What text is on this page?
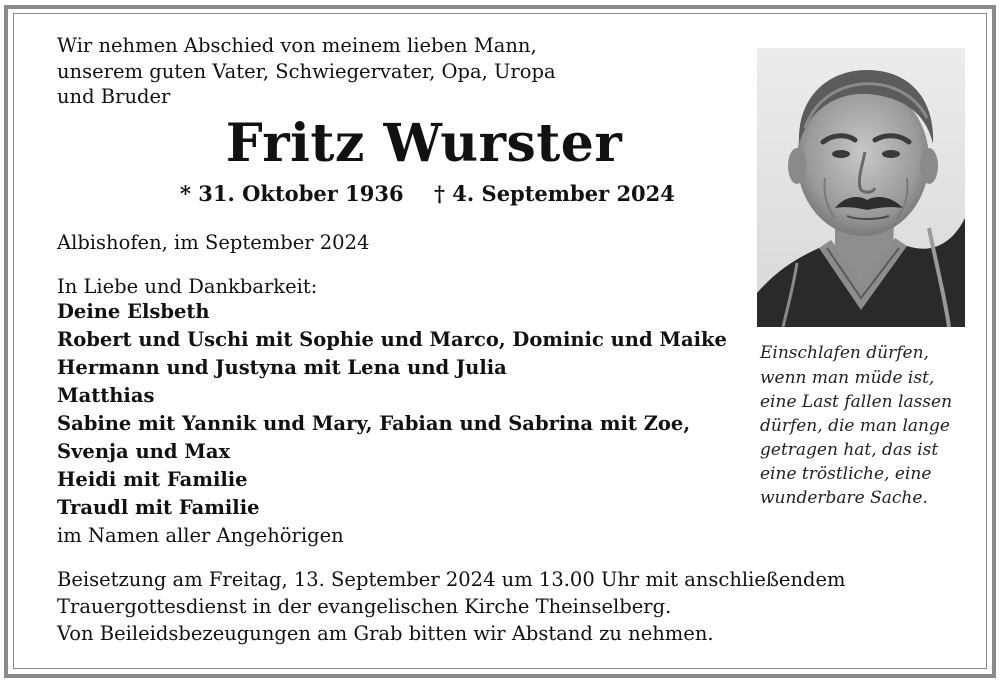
Wir nehmen Abschied von meinem lieben Mann,
unserem guten Vater, Schwiegervater, Opa, Uropa
und Bruder
Fritz Wurster
* 31. Oktober 1936 † 4. September 2024
Albishofen, im September 2024
In Liebe und Dankbarkeit:
Deine Elsbeth
Robert und Uschi mit Sophie und Marco, Dominic und Maike
Hermann und Justyna mit Lena und Julia
Matthias
Sabine mit Yannik und Mary, Fabian und Sabrina mit Zoe,
Svenja und Max
Heidi mit Familie
Traudl mit Familie
im Namen aller Angehörigen
Beisetzung am Freitag, 13. September 2024 um 13.00 Uhr mit anschließendem
Trauergottesdienst in der evangelischen Kirche Theinselberg.
Von Beileidsbezeugungen am Grab bitten wir Abstand zu nehmen.
Einschlafen dürfen,
wenn man müde ist,
eine Last fallen lassen
dürfen, die man lange
getragen hat, das ist
eine tröstliche, eine
wunderbare Sache.
